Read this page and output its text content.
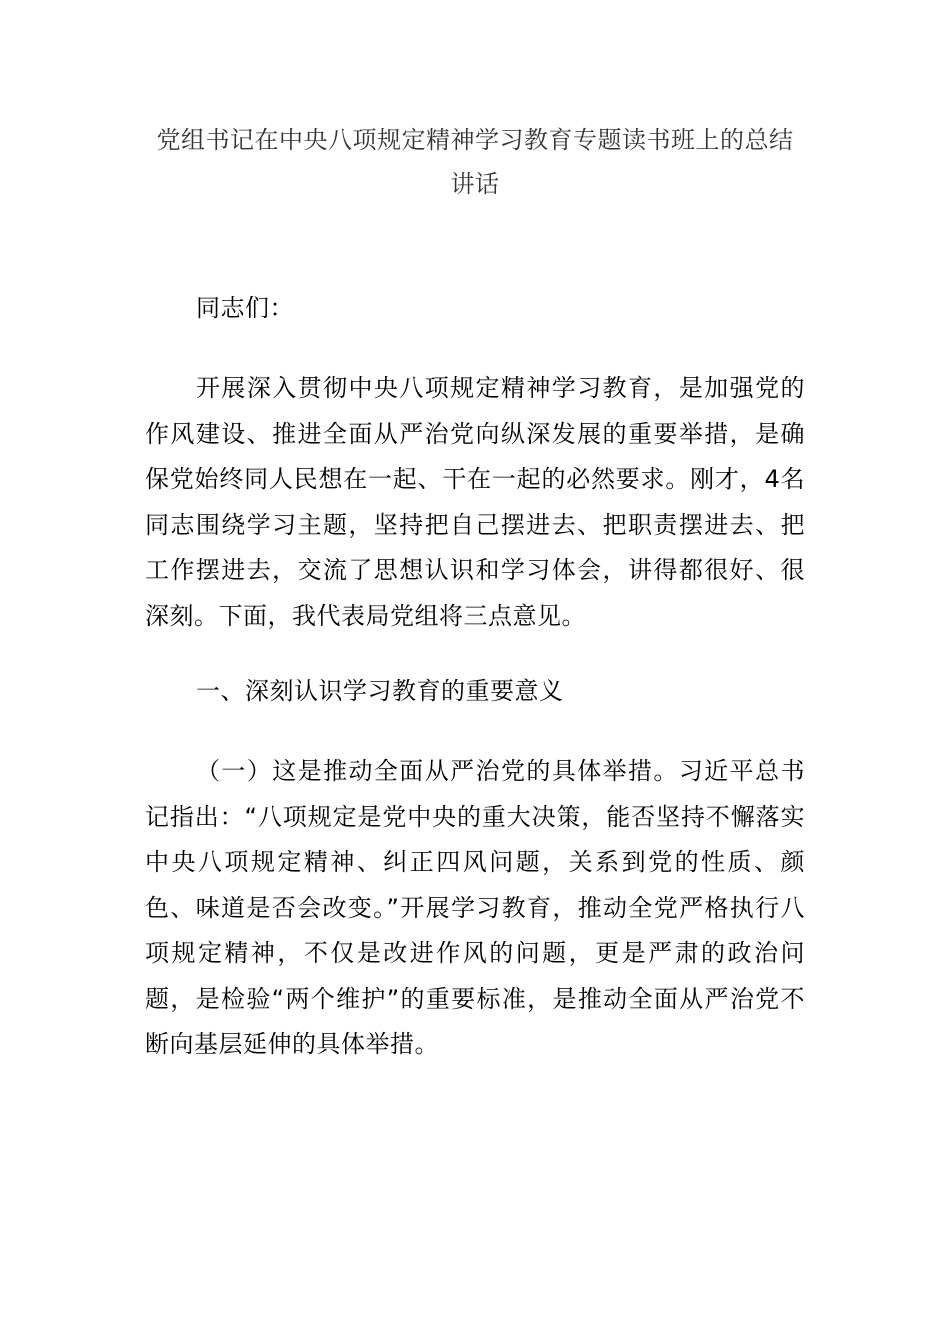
党组书记在中央八项规定精神学习教育专题读书班上的总结讲话
同志们：
开展深入贯彻中央八项规定精神学习教育，是加强党的作风建设、推进全面从严治党向纵深发展的重要举措，是确保党始终同人民想在一起、干在一起的必然要求。刚才，4名同志围绕学习主题，坚持把自己摆进去、把职责摆进去、把工作摆进去，交流了思想认识和学习体会，讲得都很好、很深刻。下面，我代表局党组将三点意见。
一、深刻认识学习教育的重要意义
（一）这是推动全面从严治党的具体举措。习近平总书记指出：“八项规定是党中央的重大决策，能否坚持不懈落实中央八项规定精神、纠正四风问题，关系到党的性质、颜色、味道是否会改变。”开展学习教育，推动全党严格执行八项规定精神，不仅是改进作风的问题，更是严肃的政治问题，是检验“两个维护”的重要标准，是推动全面从严治党不断向基层延伸的具体举措。
